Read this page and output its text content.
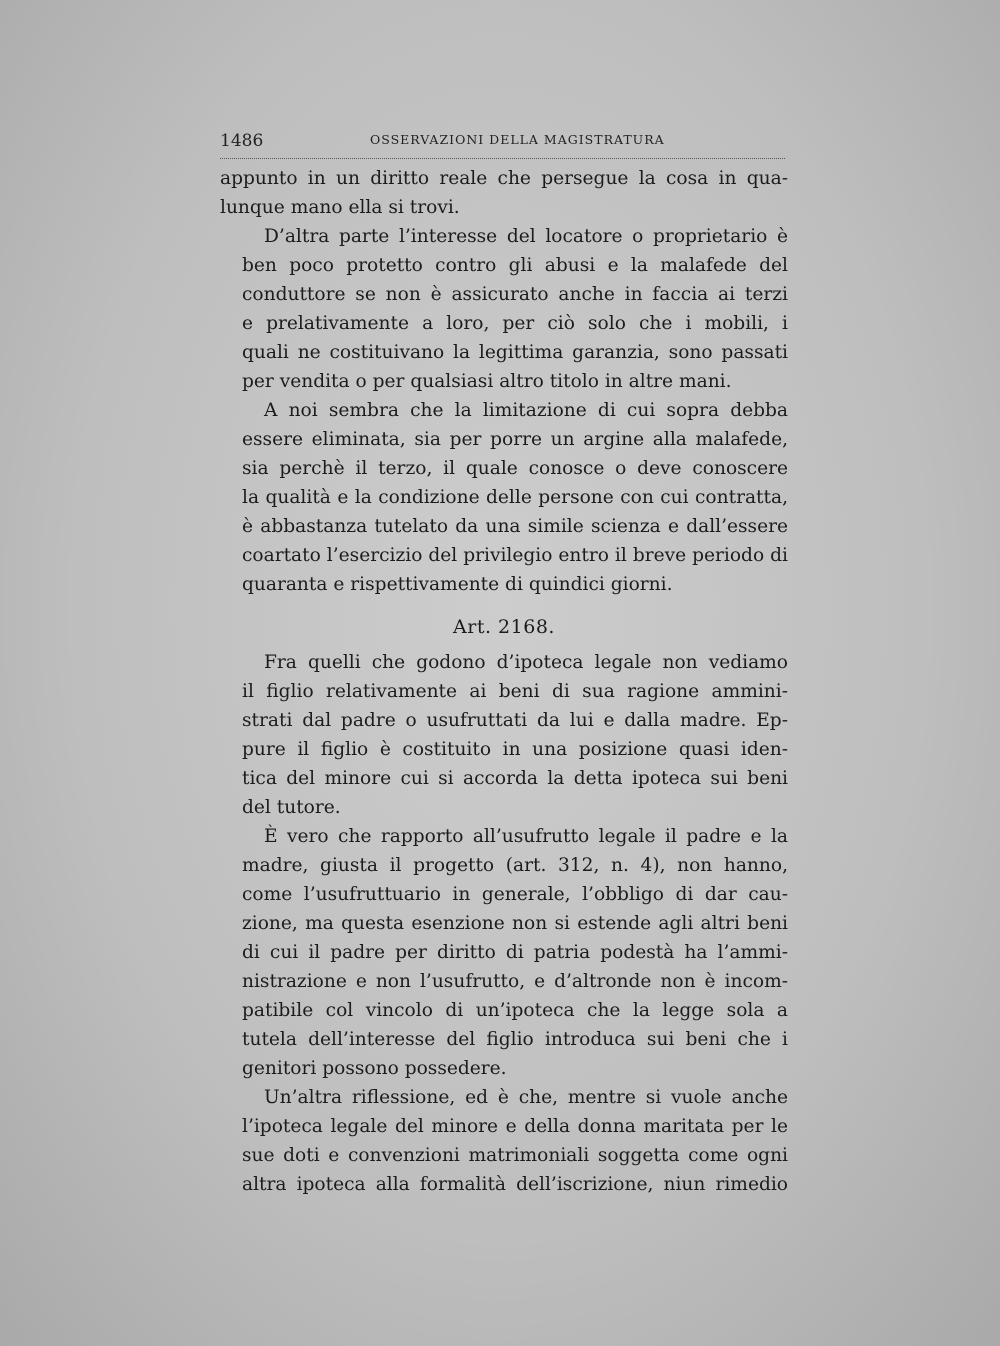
1486	OSSERVAZIONI DELLA MAGISTRATURA
appunto in un diritto reale che persegue la cosa in qua-
lunque mano ella si trovi.
D’altra parte l’interesse del locatore o proprietario è
ben poco protetto contro gli abusi e la malafede del
conduttore se non è assicurato anche in faccia ai terzi
e prelativamente a loro, per ciò solo che i mobili, i
quali ne costituivano la legittima garanzia, sono passati
per vendita o per qualsiasi altro titolo in altre mani.
A noi sembra che la limitazione di cui sopra debba
essere eliminata, sia per porre un argine alla malafede,
sia perchè il terzo, il quale conosce o deve conoscere
la qualità e la condizione delle persone con cui contratta,
è abbastanza tutelato da una simile scienza e dall’essere
coartato l’esercizio del privilegio entro il breve periodo di
quaranta e rispettivamente di quindici giorni.
Art. 2168.
Fra quelli che godono d’ipoteca legale non vediamo
il figlio relativamente ai beni di sua ragione ammini-
strati dal padre o usufruttati da lui e dalla madre. Ep-
pure il figlio è costituito in una posizione quasi iden-
tica del minore cui si accorda la detta ipoteca sui beni
del tutore.
È vero che rapporto all’usufrutto legale il padre e la
madre, giusta il progetto (art. 312, n. 4), non hanno,
come l’usufruttuario in generale, l’obbligo di dar cau-
zione, ma questa esenzione non si estende agli altri beni
di cui il padre per diritto di patria podestà ha l’ammi-
nistrazione e non l’usufrutto, e d’altronde non è incom-
patibile col vincolo di un’ipoteca che la legge sola a
tutela dell’interesse del figlio introduca sui beni che i
genitori possono possedere.
Un’altra riflessione, ed è che, mentre si vuole anche
l’ipoteca legale del minore e della donna maritata per le
sue doti e convenzioni matrimoniali soggetta come ogni
altra ipoteca alla formalità dell’iscrizione, niun rimedio
